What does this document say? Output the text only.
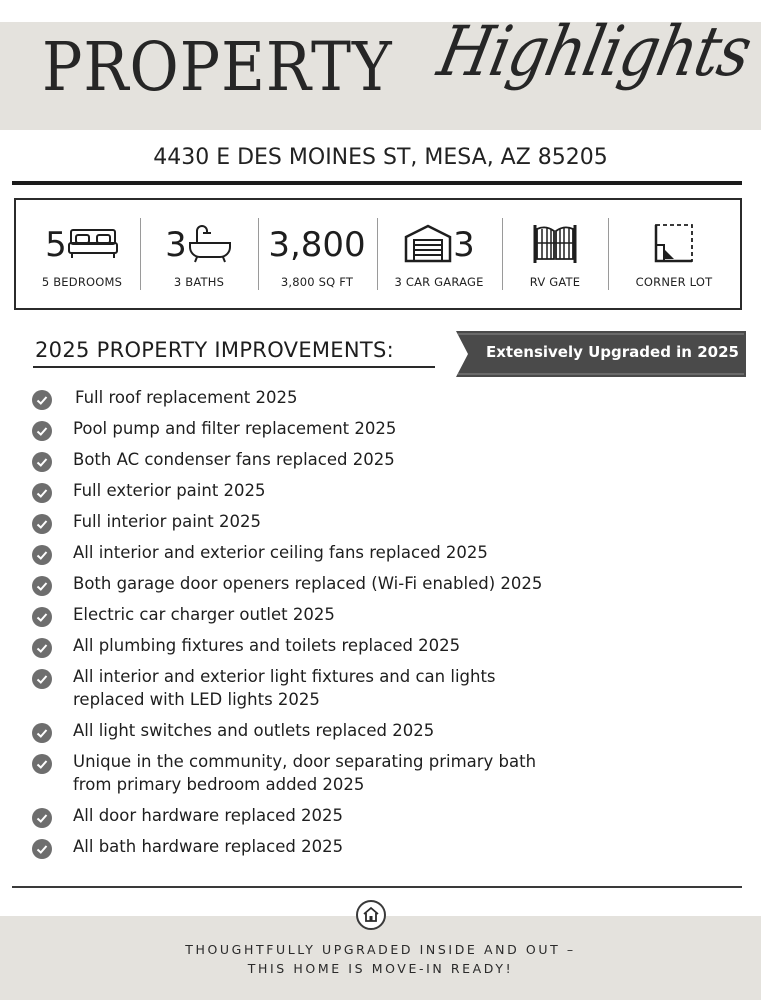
PROPERTY Highlights
4430 E DES MOINES ST, MESA, AZ 85205
5
5 BEDROOMS
3
3 BATHS
3,800
3,800 SQ FT
3
3 CAR GARAGE	RV GATE	CORNER LOT
2025 PROPERTY IMPROVEMENTS:	Extensively Upgraded in 2025
Full roof replacement 2025
Pool pump and filter replacement 2025
Both AC condenser fans replaced 2025
Full exterior paint 2025
Full interior paint 2025
All interior and exterior ceiling fans replaced 2025
Both garage door openers replaced (Wi-Fi enabled) 2025
Electric car charger outlet 2025
All plumbing fixtures and toilets replaced 2025
All interior and exterior light fixtures and can lights replaced with LED lights 2025
All light switches and outlets replaced 2025
Unique in the community, door separating primary bath from primary bedroom added 2025
All door hardware replaced 2025
All bath hardware replaced 2025
THOUGHTFULLY UPGRADED INSIDE AND OUT –
THIS HOME IS MOVE-IN READY!
